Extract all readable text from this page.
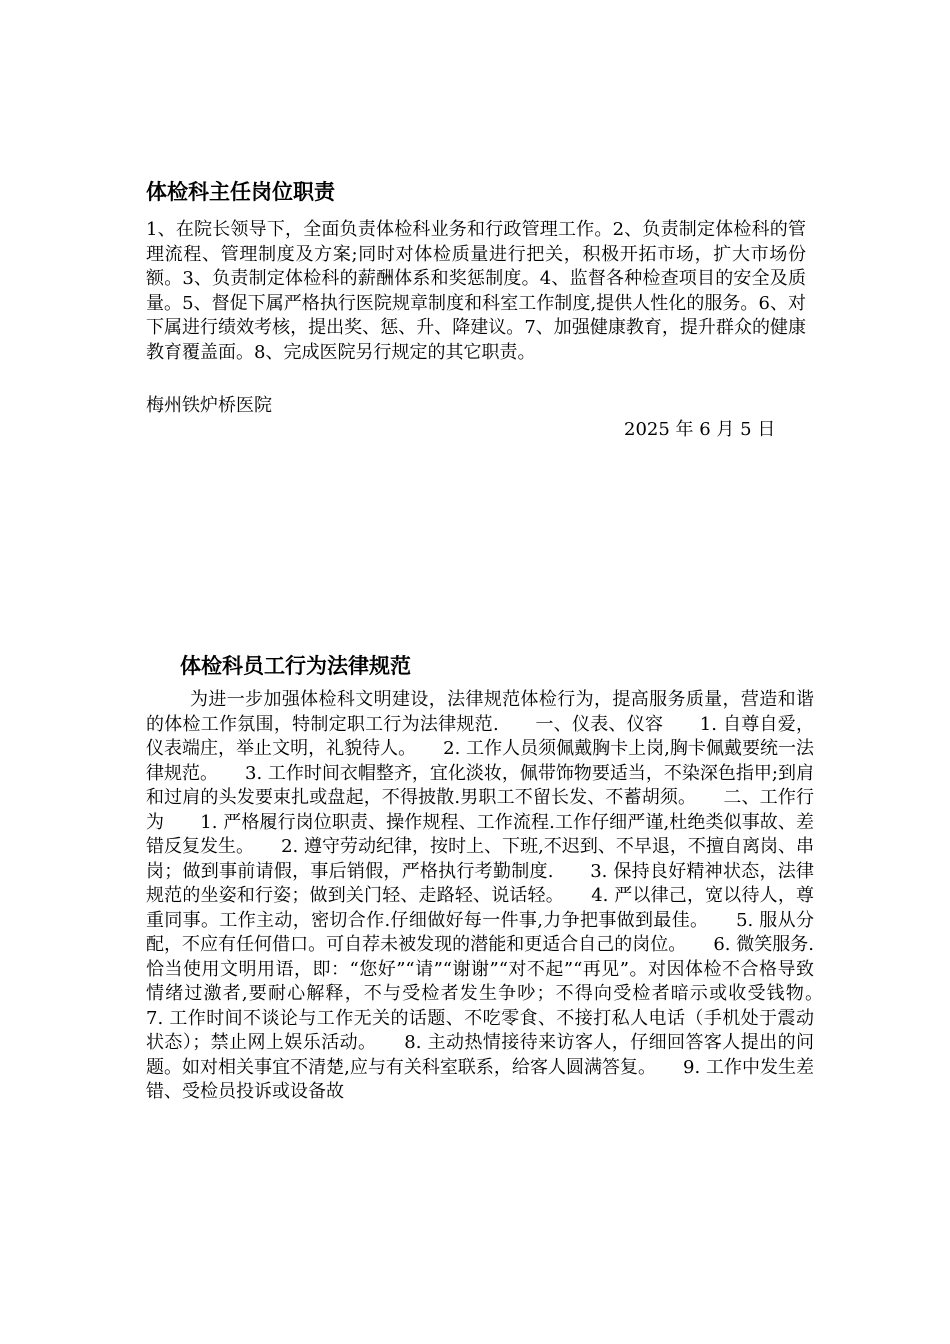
体检科主任岗位职责

1、在院长领导下，全面负责体检科业务和行政管理工作。2、负责制定体检科的管理流程、管理制度及方案;同时对体检质量进行把关，积极开拓市场，扩大市场份额。3、负责制定体检科的薪酬体系和奖惩制度。4、监督各种检查项目的安全及质量。5、督促下属严格执行医院规章制度和科室工作制度,提供人性化的服务。6、对下属进行绩效考核，提出奖、惩、升、降建议。7、加强健康教育，提升群众的健康教育覆盖面。8、完成医院另行规定的其它职责。

梅州铁炉桥医院
2025 年 6 月 5 日
体检科员工行为法律规范

为进一步加强体检科文明建设，法律规范体检行为，提高服务质量，营造和谐的体检工作氛围，特制定职工行为法律规范.　　一、仪表、仪容　　1. 自尊自爱，仪表端庄，举止文明，礼貌待人。　　2. 工作人员须佩戴胸卡上岗,胸卡佩戴要统一法律规范。　　3. 工作时间衣帽整齐，宜化淡妆，佩带饰物要适当，不染深色指甲;到肩和过肩的头发要束扎或盘起，不得披散.男职工不留长发、不蓄胡须。　　二、工作行为　　1. 严格履行岗位职责、操作规程、工作流程.工作仔细严谨,杜绝类似事故、差错反复发生。　　2. 遵守劳动纪律，按时上、下班,不迟到、不早退，不擅自离岗、串岗；做到事前请假，事后销假，严格执行考勤制度.　　3. 保持良好精神状态，法律规范的坐姿和行姿；做到关门轻、走路轻、说话轻。　　4. 严以律己，宽以待人，尊重同事。工作主动，密切合作.仔细做好每一件事,力争把事做到最佳。　　5. 服从分配，不应有任何借口。可自荐未被发现的潜能和更适合自己的岗位。　　6. 微笑服务.恰当使用文明用语，即：“您好”“请”“谢谢”“对不起”“再见”。对因体检不合格导致情绪过激者,要耐心解释，不与受检者发生争吵；不得向受检者暗示或收受钱物。　　7. 工作时间不谈论与工作无关的话题、不吃零食、不接打私人电话（手机处于震动状态）；禁止网上娱乐活动。　　8. 主动热情接待来访客人，仔细回答客人提出的问题。如对相关事宜不清楚,应与有关科室联系，给客人圆满答复。　　9. 工作中发生差错、受检员投诉或设备故
